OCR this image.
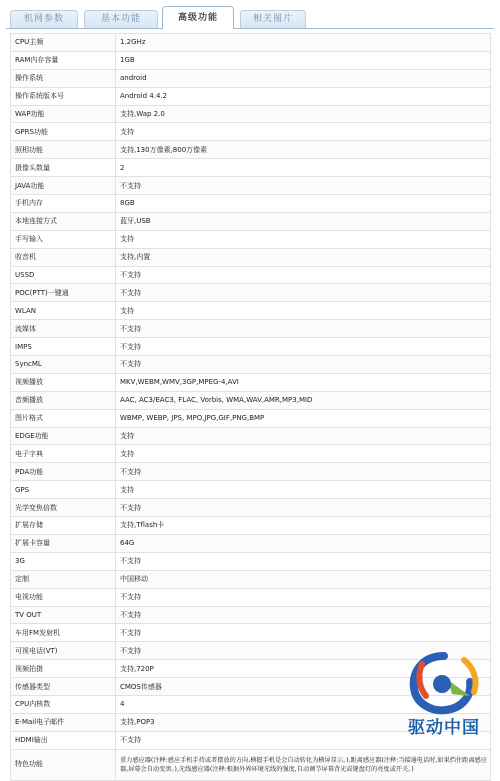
机网参数	基本功能	高级功能	相关图片
CPU主频	1.2GHz
RAM内存容量	1GB
操作系统	android
操作系统版本号	Android 4.4.2
WAP功能	支持,Wap 2.0
GPRS功能	支持
照相功能	支持,130万像素,800万像素
摄像头数量	2
JAVA功能	不支持
手机内存	8GB
本地连接方式	蓝牙,USB
手写输入	支持
收音机	支持,内置
USSD	不支持
POC(PTT)一键通	不支持
WLAN	支持
流媒体	不支持
IMPS	不支持
SyncML	不支持
视频播放	MKV,WEBM,WMV,3GP,MPEG-4,AVI
音频播放	AAC, AC3/EAC3, FLAC, Vorbis, WMA,WAV,AMR,MP3,MID
图片格式	WBMP, WEBP, JPS, MPO,JPG,GIF,PNG,BMP
EDGE功能	支持
电子字典	支持
PDA功能	不支持
GPS	支持
光学变焦倍数	不支持
扩展存储	支持,Tflash卡
扩展卡容量	64G
3G	不支持
定制	中国移动
电视功能	不支持
TV OUT	不支持
车用FM发射机	不支持
可视电话(VT)	不支持
视频拍摄	支持,720P
传感器类型	CMOS传感器
CPU内核数	4
E-Mail电子邮件	支持,POP3
HDMI输出	不支持
特色功能	重力感应器(注释:感应手机手持或者摆放的方向,横握手机是会自动转化为横屏显示。),距离感应器(注释:当接通电话时,如果挡住距离感应器,屏幕会自动变黑。),光线感应器(注释:根据外界环境光线的强度,自动调节屏幕背光或键盘灯的亮度或开关。)
驱动中国
